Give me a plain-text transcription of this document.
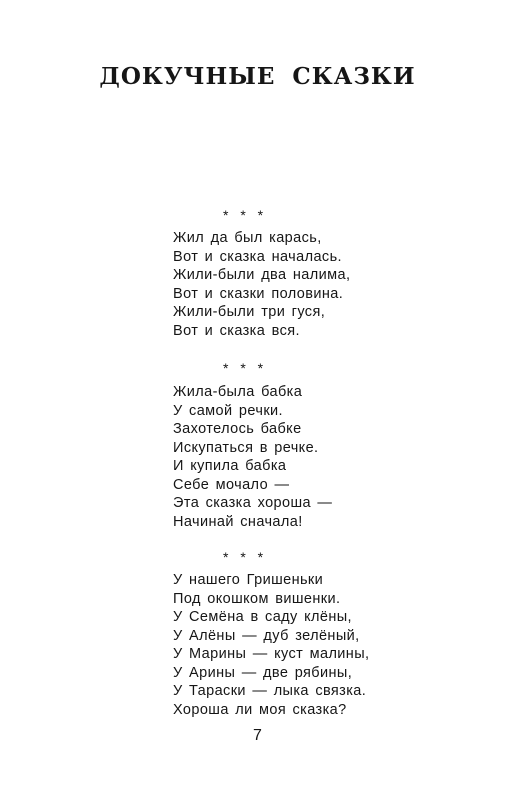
ДОКУЧНЫЕ СКАЗКИ
* * *
Жил да был карась,
Вот и сказка началась.
Жили-были два налима,
Вот и сказки половина.
Жили-были три гуся,
Вот и сказка вся.
* * *
Жила-была бабка
У самой речки.
Захотелось бабке
Искупаться в речке.
И купила бабка
Себе мочало —
Эта сказка хороша —
Начинай сначала!
* * *
У нашего Гришеньки
Под окошком вишенки.
У Семёна в саду клёны,
У Алёны — дуб зелёный,
У Марины — куст малины,
У Арины — две рябины,
У Тараски — лыка связка.
Хороша ли моя сказка?
7
